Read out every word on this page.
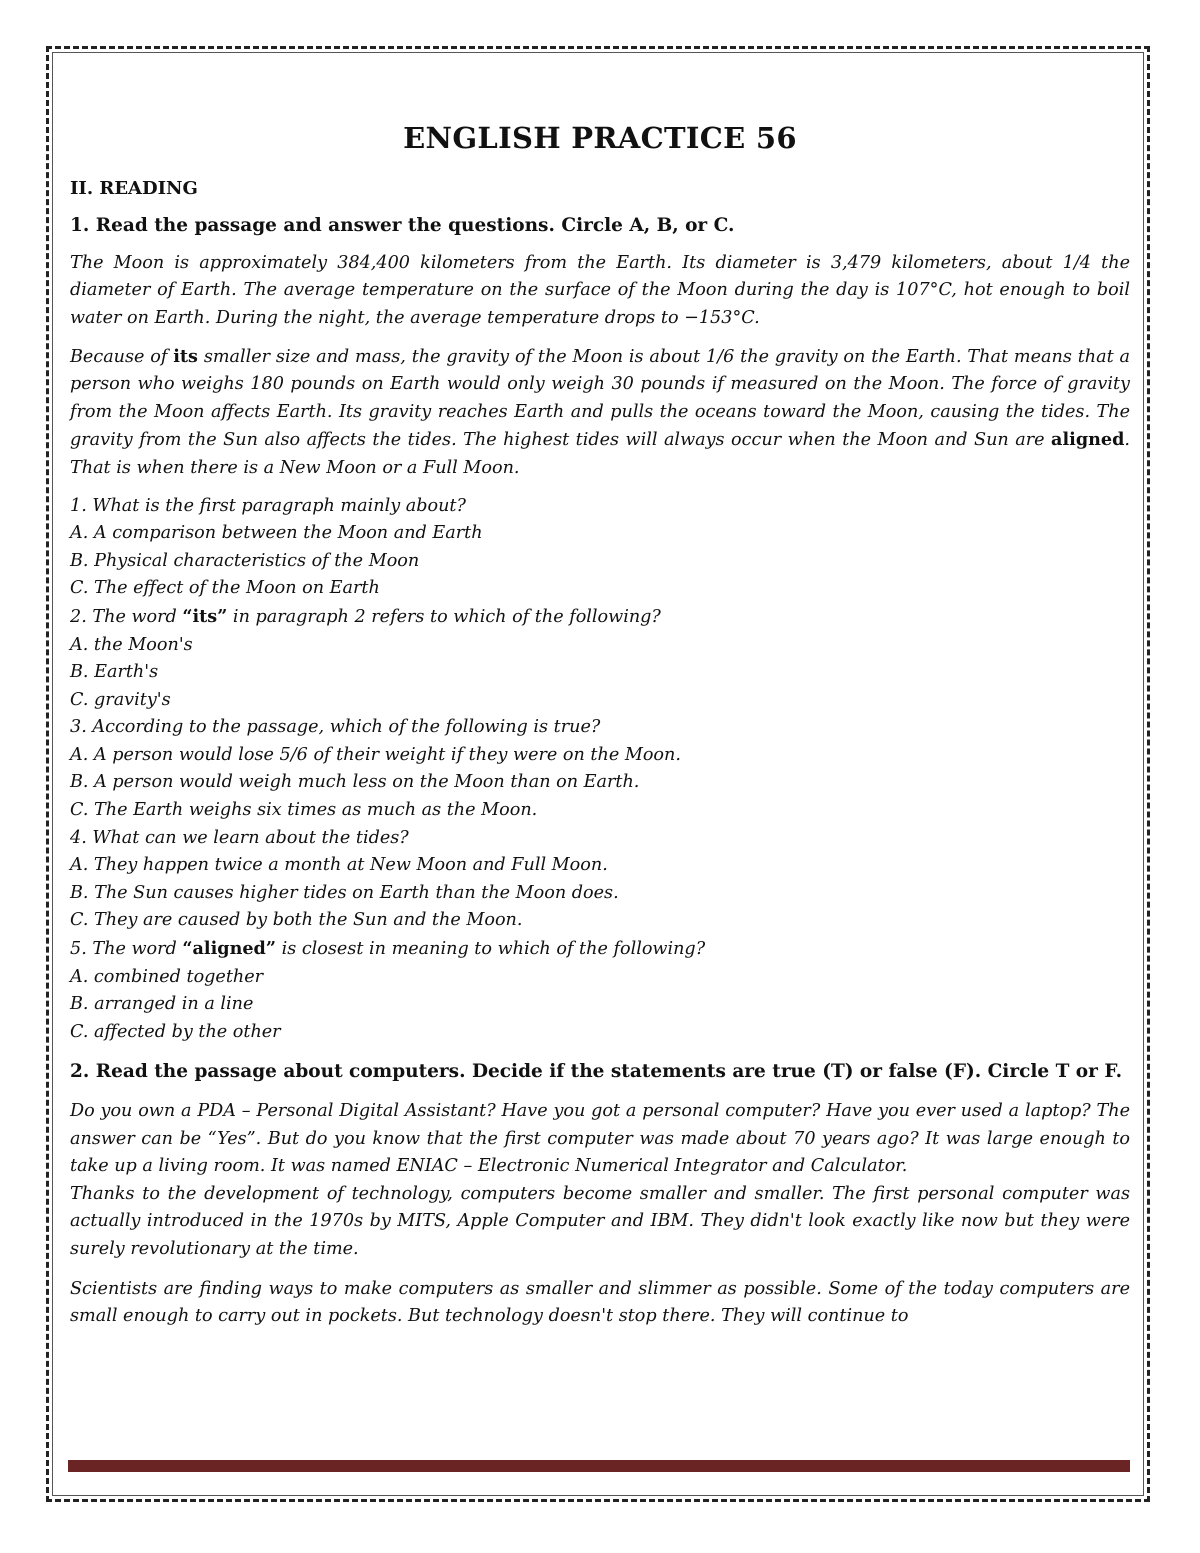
ENGLISH PRACTICE 56
II. READING
1. Read the passage and answer the questions. Circle A, B, or C.

The Moon is approximately 384,400 kilometers from the Earth. Its diameter is 3,479 kilometers, about 1/4 the diameter of Earth. The average temperature on the surface of the Moon during the day is 107°C, hot enough to boil water on Earth. During the night, the average temperature drops to −153°C.

Because of its smaller size and mass, the gravity of the Moon is about 1/6 the gravity on the Earth. That means that a person who weighs 180 pounds on Earth would only weigh 30 pounds if measured on the Moon. The force of gravity from the Moon affects Earth. Its gravity reaches Earth and pulls the oceans toward the Moon, causing the tides. The gravity from the Sun also affects the tides. The highest tides will always occur when the Moon and Sun are aligned. That is when there is a New Moon or a Full Moon.

1. What is the first paragraph mainly about?
A. A comparison between the Moon and Earth
B. Physical characteristics of the Moon
C. The effect of the Moon on Earth
2. The word “its” in paragraph 2 refers to which of the following?
A. the Moon's
B. Earth's
C. gravity's
3. According to the passage, which of the following is true?
A. A person would lose 5/6 of their weight if they were on the Moon.
B. A person would weigh much less on the Moon than on Earth.
C. The Earth weighs six times as much as the Moon.
4. What can we learn about the tides?
A. They happen twice a month at New Moon and Full Moon.
B. The Sun causes higher tides on Earth than the Moon does.
C. They are caused by both the Sun and the Moon.
5. The word “aligned” is closest in meaning to which of the following?
A. combined together
B. arranged in a line
C. affected by the other
2. Read the passage about computers. Decide if the statements are true (T) or false (F). Circle T or F.

Do you own a PDA – Personal Digital Assistant? Have you got a personal computer? Have you ever used a laptop? The answer can be “Yes”. But do you know that the first computer was made about 70 years ago? It was large enough to take up a living room. It was named ENIAC – Electronic Numerical Integrator and Calculator.

Thanks to the development of technology, computers become smaller and smaller. The first personal computer was actually introduced in the 1970s by MITS, Apple Computer and IBM. They didn't look exactly like now but they were surely revolutionary at the time.

Scientists are finding ways to make computers as smaller and slimmer as possible. Some of the today computers are small enough to carry out in pockets. But technology doesn't stop there. They will continue to
